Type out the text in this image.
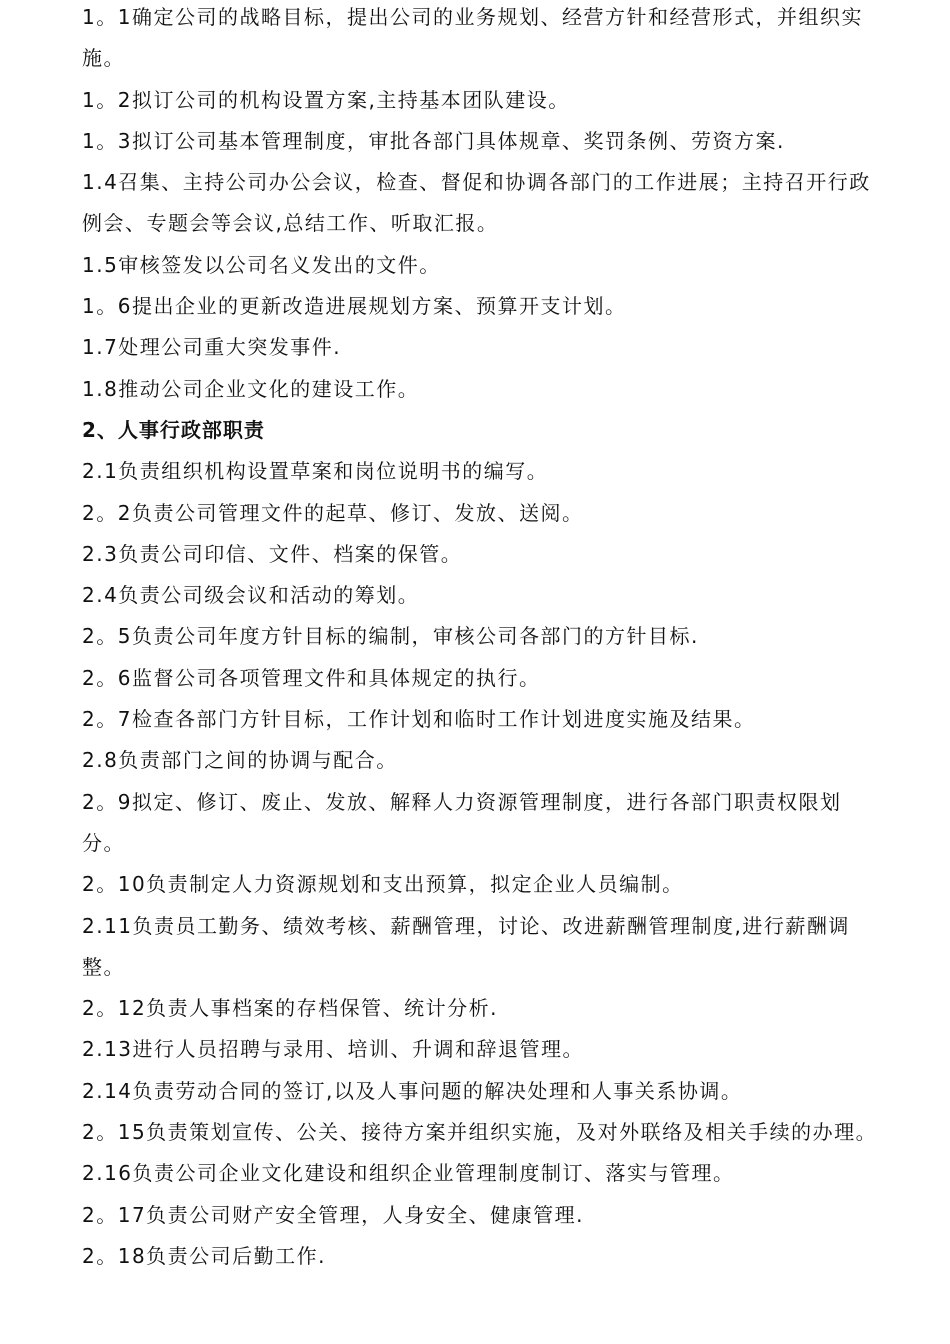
1。1确定公司的战略目标，提出公司的业务规划、经营方针和经营形式，并组织实施。

1。2拟订公司的机构设置方案,主持基本团队建设。

1。3拟订公司基本管理制度，审批各部门具体规章、奖罚条例、劳资方案.

1.4召集、主持公司办公会议，检查、督促和协调各部门的工作进展；主持召开行政例会、专题会等会议,总结工作、听取汇报。

1.5审核签发以公司名义发出的文件。

1。6提出企业的更新改造进展规划方案、预算开支计划。

1.7处理公司重大突发事件.

1.8推动公司企业文化的建设工作。

2、人事行政部职责

2.1负责组织机构设置草案和岗位说明书的编写。

2。2负责公司管理文件的起草、修订、发放、送阅。

2.3负责公司印信、文件、档案的保管。

2.4负责公司级会议和活动的筹划。

2。5负责公司年度方针目标的编制，审核公司各部门的方针目标.

2。6监督公司各项管理文件和具体规定的执行。

2。7检查各部门方针目标，工作计划和临时工作计划进度实施及结果。

2.8负责部门之间的协调与配合。

2。9拟定、修订、废止、发放、解释人力资源管理制度，进行各部门职责权限划分。

2。10负责制定人力资源规划和支出预算，拟定企业人员编制。

2.11负责员工勤务、绩效考核、薪酬管理，讨论、改进薪酬管理制度,进行薪酬调整。

2。12负责人事档案的存档保管、统计分析.

2.13进行人员招聘与录用、培训、升调和辞退管理。

2.14负责劳动合同的签订,以及人事问题的解决处理和人事关系协调。

2。15负责策划宣传、公关、接待方案并组织实施，及对外联络及相关手续的办理。

2.16负责公司企业文化建设和组织企业管理制度制订、落实与管理。

2。17负责公司财产安全管理，人身安全、健康管理.

2。18负责公司后勤工作.
